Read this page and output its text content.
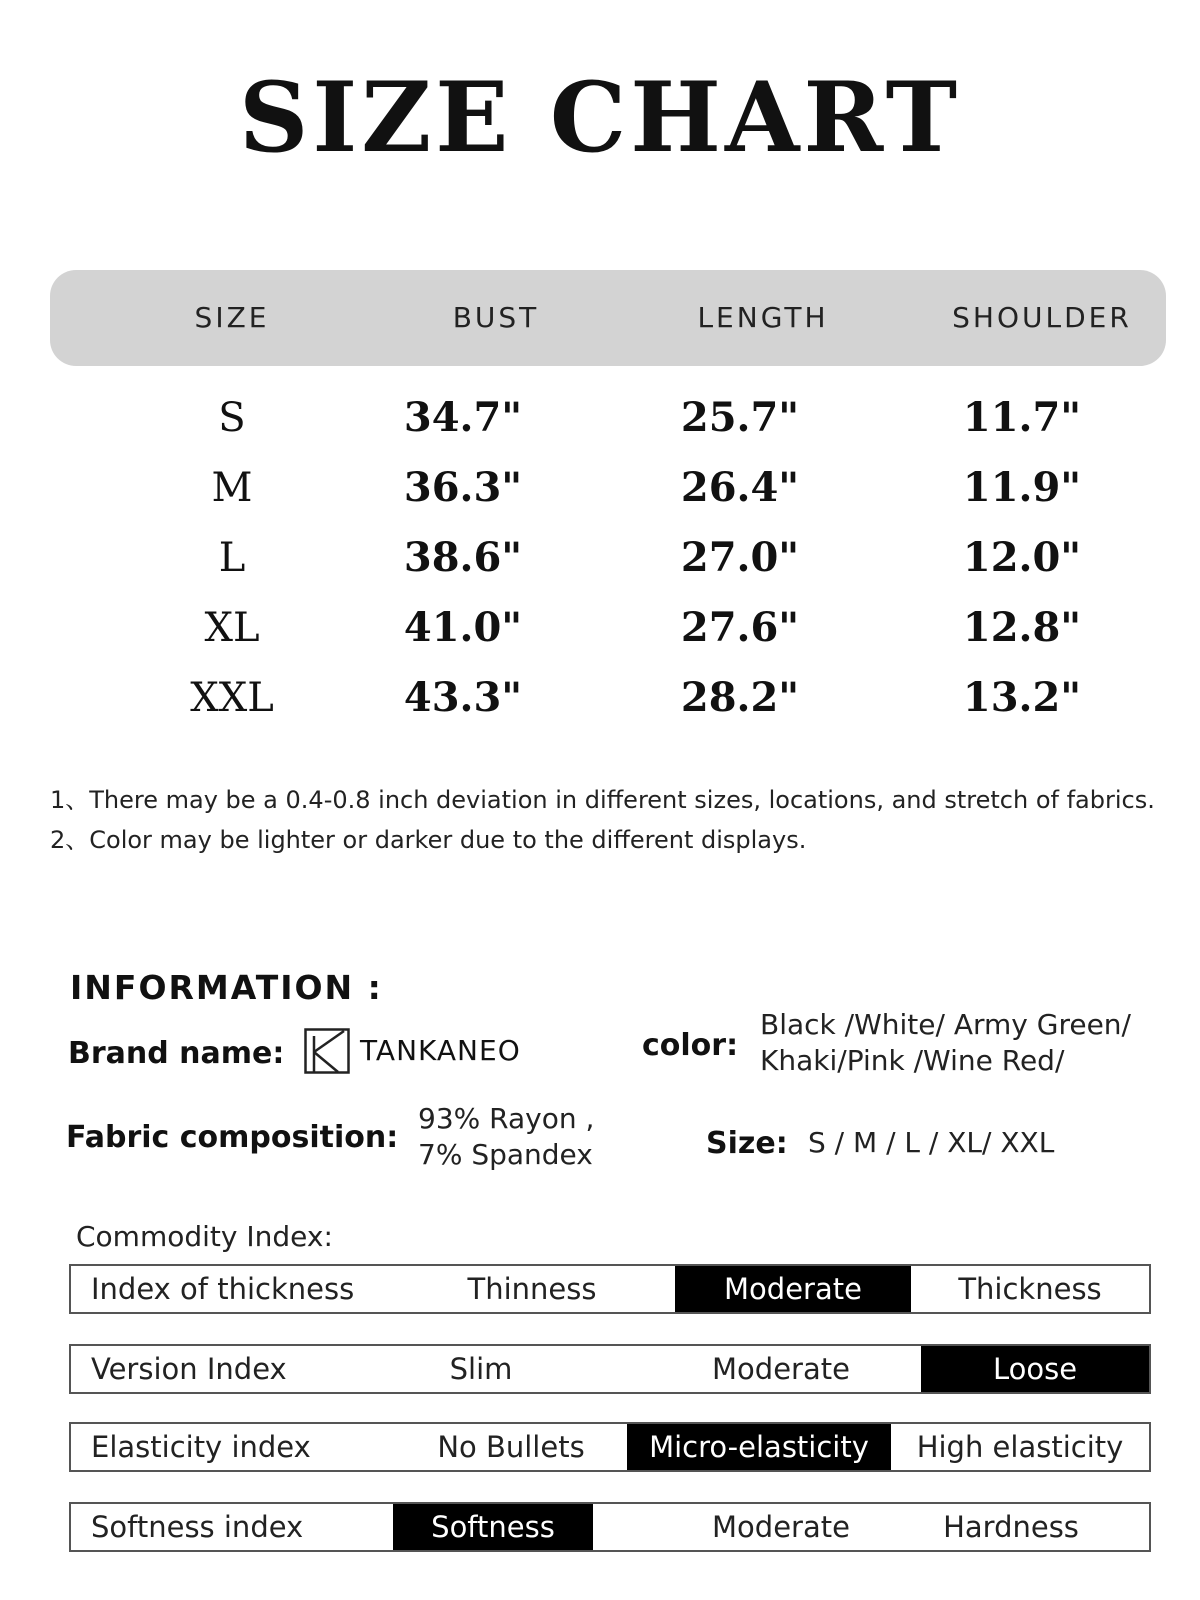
SIZE CHART
SIZE	BUST	LENGTH	SHOULDER
S	34.7"	25.7"	11.7"
M	36.3"	26.4"	11.9"
L	38.6"	27.0"	12.0"
XL	41.0"	27.6"	12.8"
XXL	43.3"	28.2"	13.2"
1、There may be a 0.4-0.8 inch deviation in different sizes, locations, and stretch of fabrics.
2、Color may be lighter or darker due to the different displays.
INFORMATION :
Brand name:	TANKANEO	color:
Black /White/ Army Green/
Khaki/Pink /Wine Red/
Fabric composition:
93% Rayon ,
7% Spandex	Size: S / M / L / XL/ XXL
Commodity Index:
Index of thickness	Thinness	Moderate	Thickness
Version Index	Slim	Moderate	Loose
Elasticity index	No Bullets	Micro-elasticity	High elasticity
Softness index	Softness	Moderate	Hardness
